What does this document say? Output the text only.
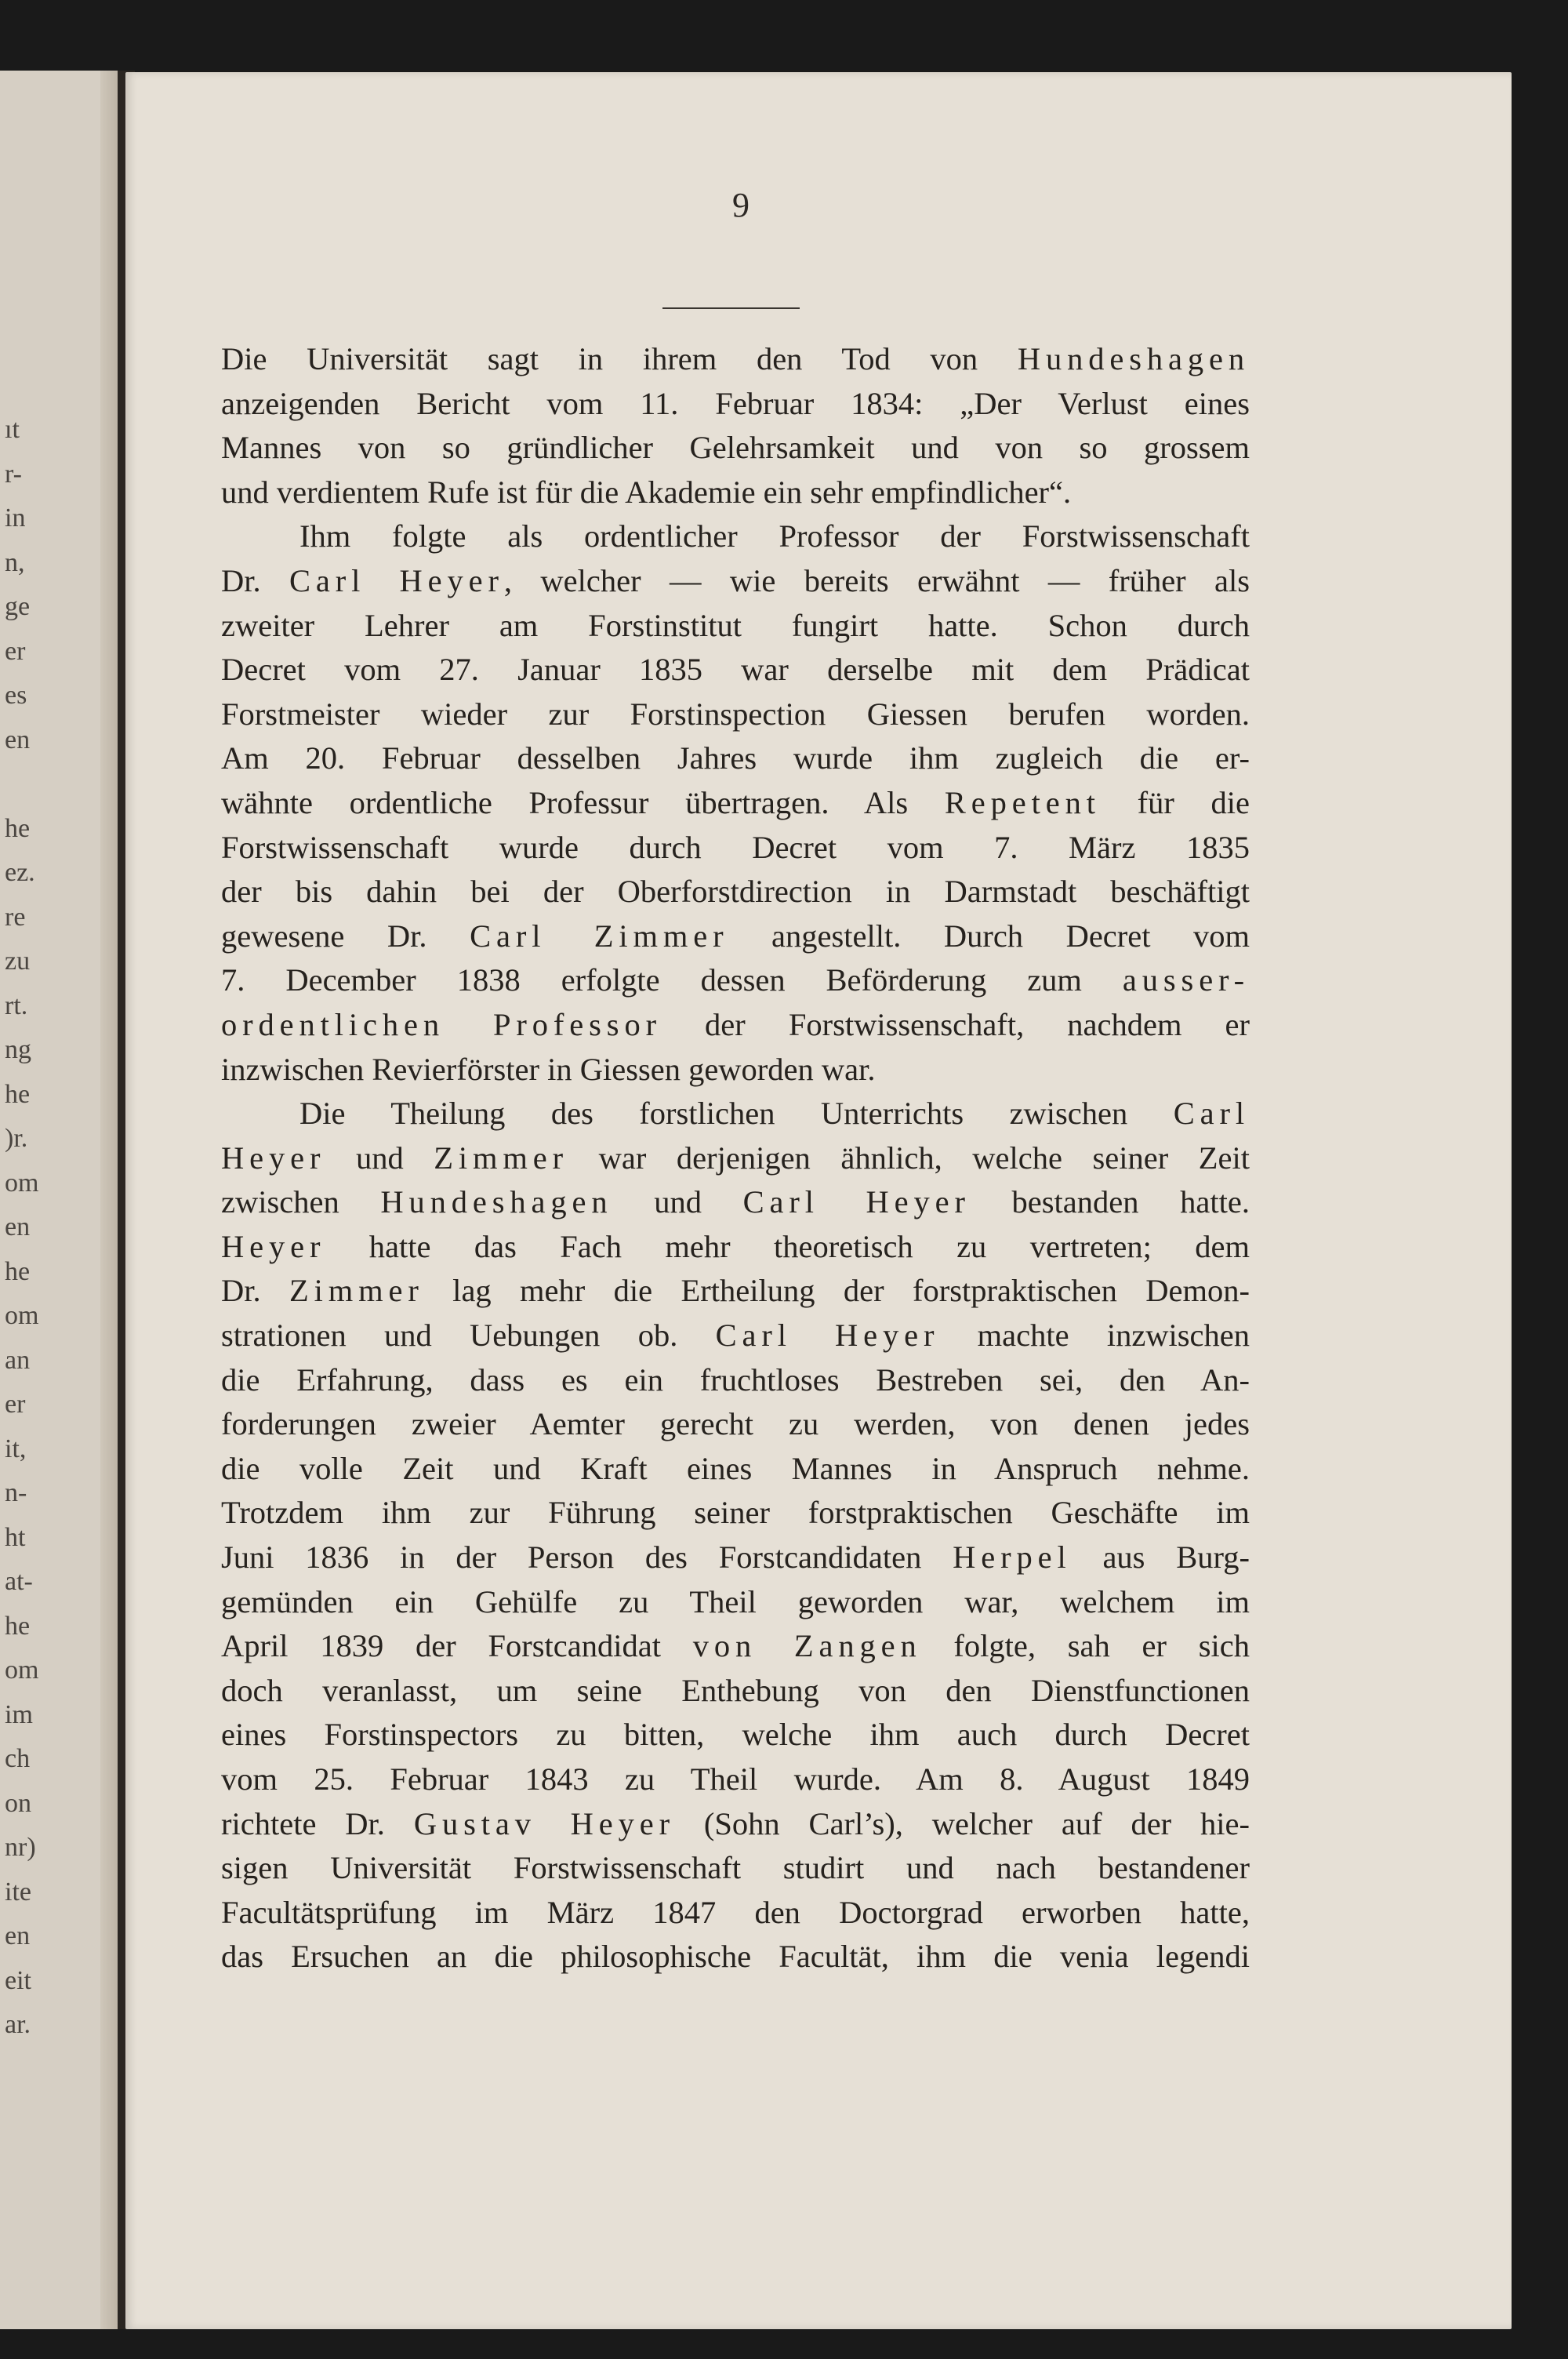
ıt
r-
in
n,
ge
er
es
en
he
ez.
re
zu
rt.
ng
he
)r.
om
en
he
om
an
er
it,
n-
ht
at-
he
om
im
ch
on
nr)
ite
en
eit
ar.
9
Die Universität sagt in ihrem den Tod von Hundeshagen
anzeigenden Bericht vom 11. Februar 1834: „Der Verlust eines
Mannes von so gründlicher Gelehrsamkeit und von so grossem
und verdientem Rufe ist für die Akademie ein sehr empfindlicher“.
Ihm folgte als ordentlicher Professor der Forstwissenschaft
Dr. Carl Heyer, welcher — wie bereits erwähnt — früher als
zweiter Lehrer am Forstinstitut fungirt hatte. Schon durch
Decret vom 27. Januar 1835 war derselbe mit dem Prädicat
Forstmeister wieder zur Forstinspection Giessen berufen worden.
Am 20. Februar desselben Jahres wurde ihm zugleich die er-
wähnte ordentliche Professur übertragen. Als Repetent für die
Forstwissenschaft wurde durch Decret vom 7. März 1835
der bis dahin bei der Oberforstdirection in Darmstadt beschäftigt
gewesene Dr. Carl Zimmer angestellt. Durch Decret vom
7. December 1838 erfolgte dessen Beförderung zum ausser-
ordentlichen Professor der Forstwissenschaft, nachdem er
inzwischen Revierförster in Giessen geworden war.
Die Theilung des forstlichen Unterrichts zwischen Carl
Heyer und Zimmer war derjenigen ähnlich, welche seiner Zeit
zwischen Hundeshagen und Carl Heyer bestanden hatte.
Heyer hatte das Fach mehr theoretisch zu vertreten; dem
Dr. Zimmer lag mehr die Ertheilung der forstpraktischen Demon-
strationen und Uebungen ob. Carl Heyer machte inzwischen
die Erfahrung, dass es ein fruchtloses Bestreben sei, den An-
forderungen zweier Aemter gerecht zu werden, von denen jedes
die volle Zeit und Kraft eines Mannes in Anspruch nehme.
Trotzdem ihm zur Führung seiner forstpraktischen Geschäfte im
Juni 1836 in der Person des Forstcandidaten Herpel aus Burg-
gemünden ein Gehülfe zu Theil geworden war, welchem im
April 1839 der Forstcandidat von Zangen folgte, sah er sich
doch veranlasst, um seine Enthebung von den Dienstfunctionen
eines Forstinspectors zu bitten, welche ihm auch durch Decret
vom 25. Februar 1843 zu Theil wurde. Am 8. August 1849
richtete Dr. Gustav Heyer (Sohn Carl’s), welcher auf der hie-
sigen Universität Forstwissenschaft studirt und nach bestandener
Facultätsprüfung im März 1847 den Doctorgrad erworben hatte,
das Ersuchen an die philosophische Facultät, ihm die venia legendi
